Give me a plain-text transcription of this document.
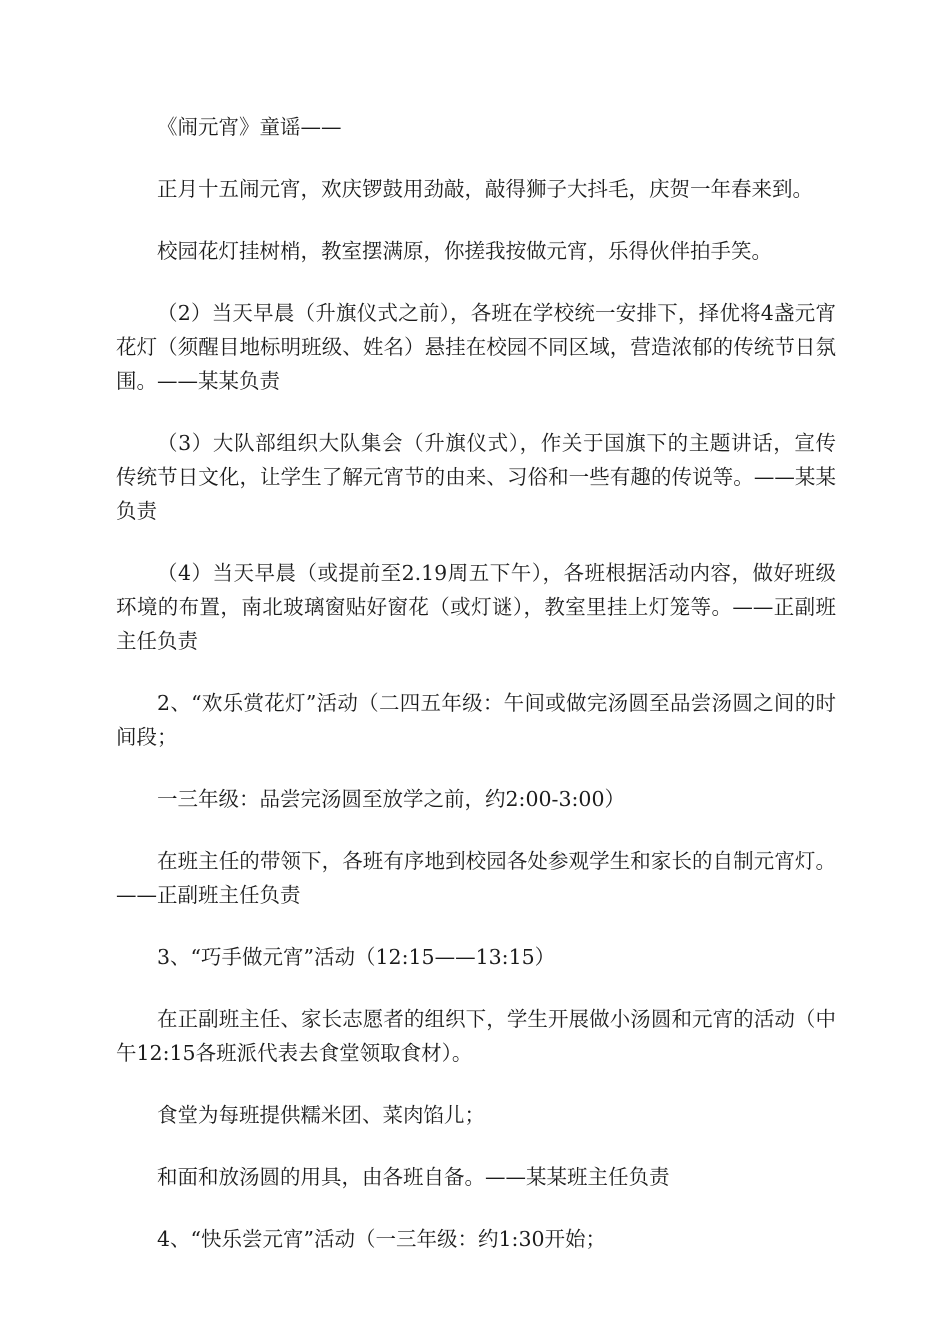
《闹元宵》童谣——

正月十五闹元宵，欢庆锣鼓用劲敲，敲得狮子大抖毛，庆贺一年春来到。

校园花灯挂树梢，教室摆满原，你搓我按做元宵，乐得伙伴拍手笑。

（2）当天早晨（升旗仪式之前），各班在学校统一安排下，择优将4盏元宵花灯（须醒目地标明班级、姓名）悬挂在校园不同区域，营造浓郁的传统节日氛围。——某某负责

（3）大队部组织大队集会（升旗仪式），作关于国旗下的主题讲话，宣传传统节日文化，让学生了解元宵节的由来、习俗和一些有趣的传说等。——某某负责

（4）当天早晨（或提前至2.19周五下午），各班根据活动内容，做好班级环境的布置，南北玻璃窗贴好窗花（或灯谜），教室里挂上灯笼等。——正副班主任负责

2、“欢乐赏花灯”活动（二四五年级：午间或做完汤圆至品尝汤圆之间的时间段；

一三年级：品尝完汤圆至放学之前，约2:00-3:00）

在班主任的带领下，各班有序地到校园各处参观学生和家长的自制元宵灯。——正副班主任负责

3、“巧手做元宵”活动（12:15——13:15）

在正副班主任、家长志愿者的组织下，学生开展做小汤圆和元宵的活动（中午12:15各班派代表去食堂领取食材）。

食堂为每班提供糯米团、菜肉馅儿；

和面和放汤圆的用具，由各班自备。——某某班主任负责

4、“快乐尝元宵”活动（一三年级：约1:30开始；
